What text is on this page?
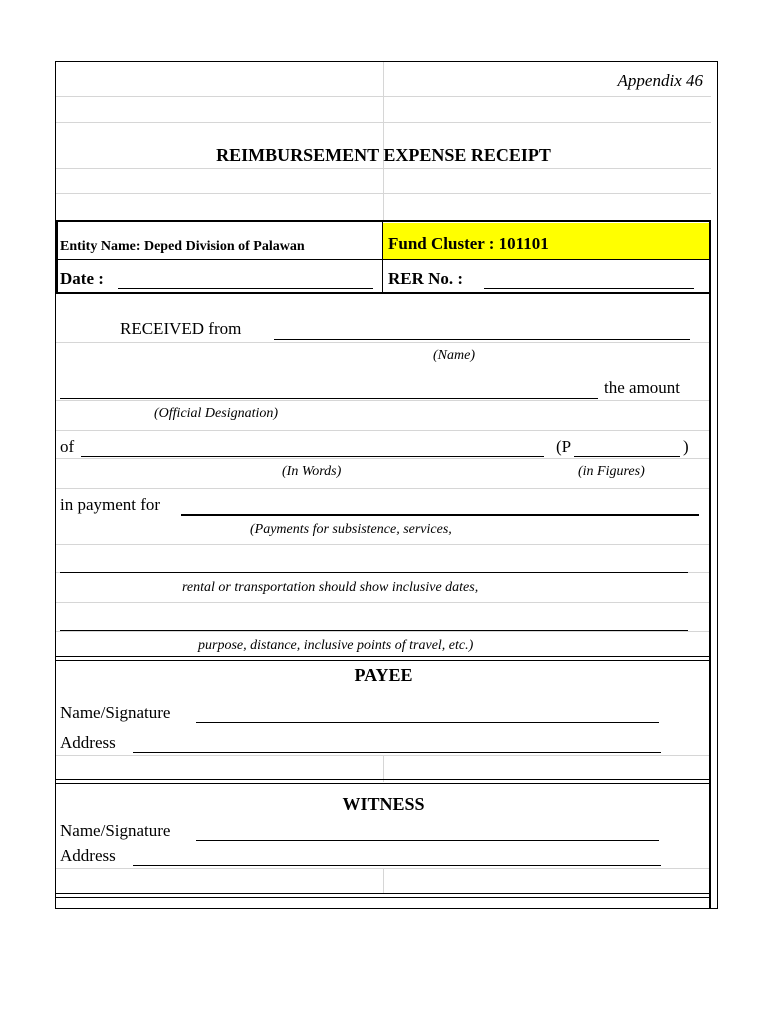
Appendix 46
REIMBURSEMENT EXPENSE RECEIPT
Entity Name: Deped Division of Palawan	Fund Cluster : 101101
Date :	RER No. :
RECEIVED from
(Name)
the amount
(Official Designation)
of	(P	)
(In Words)	(in Figures)
in payment for
(Payments for subsistence, services,
rental or transportation should show inclusive dates,
purpose, distance, inclusive points of travel, etc.)
PAYEE
Name/Signature
Address
WITNESS
Name/Signature
Address
